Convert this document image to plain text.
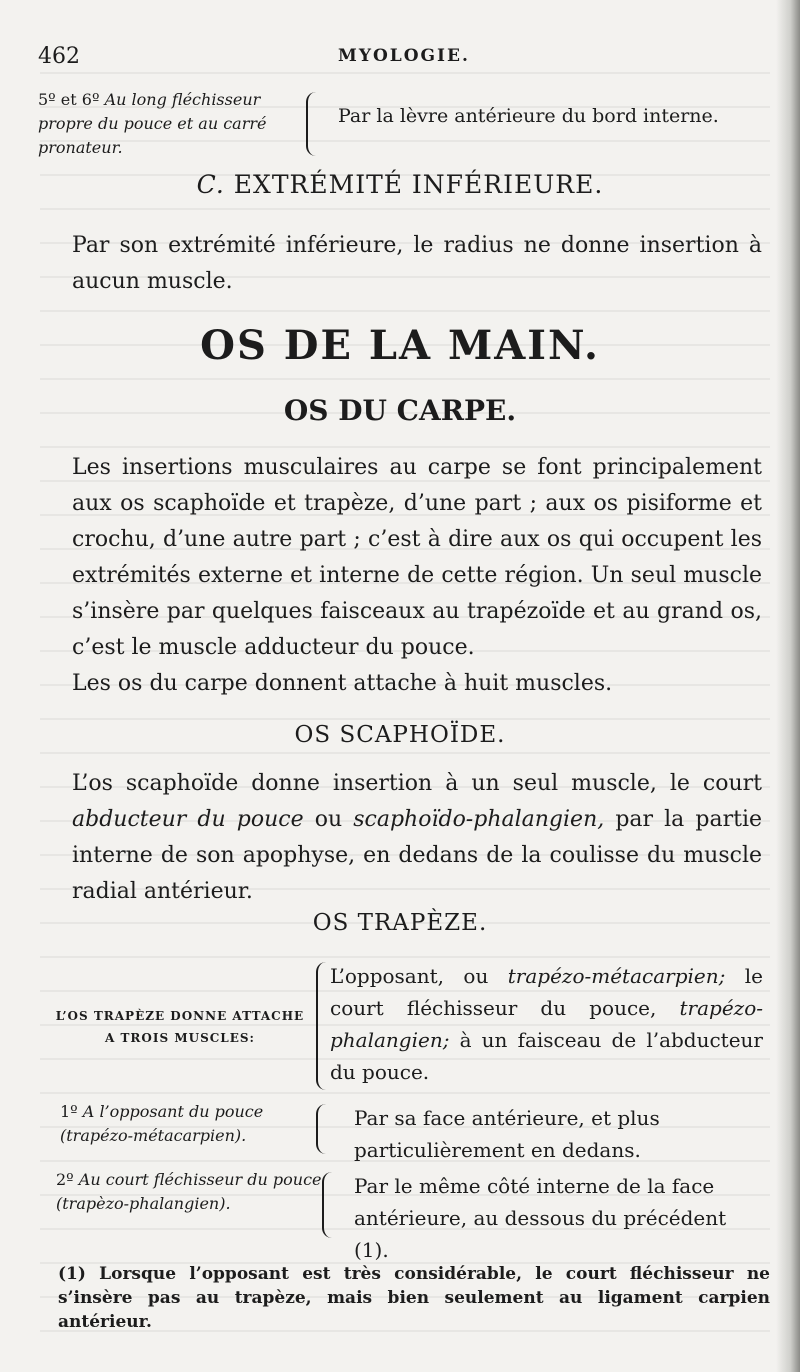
462	MYOLOGIE.
5º et 6º Au long fléchisseur propre du pouce et au carré pronateur.
Par la lèvre antérieure du bord interne.
C. EXTRÉMITÉ INFÉRIEURE.
Par son extrémité inférieure, le radius ne donne insertion à aucun muscle.
OS DE LA MAIN.
OS DU CARPE.
Les insertions musculaires au carpe se font principalement aux os scaphoïde et trapèze, d’une part ; aux os pisiforme et crochu, d’une autre part ; c’est à dire aux os qui occupent les extrémités externe et interne de cette région. Un seul muscle s’insère par quelques faisceaux au trapézoïde et au grand os, c’est le muscle adducteur du pouce.
Les os du carpe donnent attache à huit muscles.
OS SCAPHOÏDE.
L’os scaphoïde donne insertion à un seul muscle, le court abducteur du pouce ou scaphoïdo-phalangien, par la partie interne de son apophyse, en dedans de la coulisse du muscle radial antérieur.
OS TRAPÈZE.
L’OS TRAPÈZE DONNE ATTACHE
A TROIS MUSCLES:
L’opposant, ou trapézo-métacarpien; le court fléchisseur du pouce, trapézo-phalangien; à un faisceau de l’abducteur du pouce.
1º A l’opposant du pouce (trapézo-métacarpien).
Par sa face antérieure, et plus particulièrement en dedans.
2º Au court fléchisseur du pouce (trapèzo-phalangien).
Par le même côté interne de la face antérieure, au dessous du précédent (1).
(1) Lorsque l’opposant est très considérable, le court fléchisseur ne s’insère pas au trapèze, mais bien seulement au ligament carpien antérieur.
